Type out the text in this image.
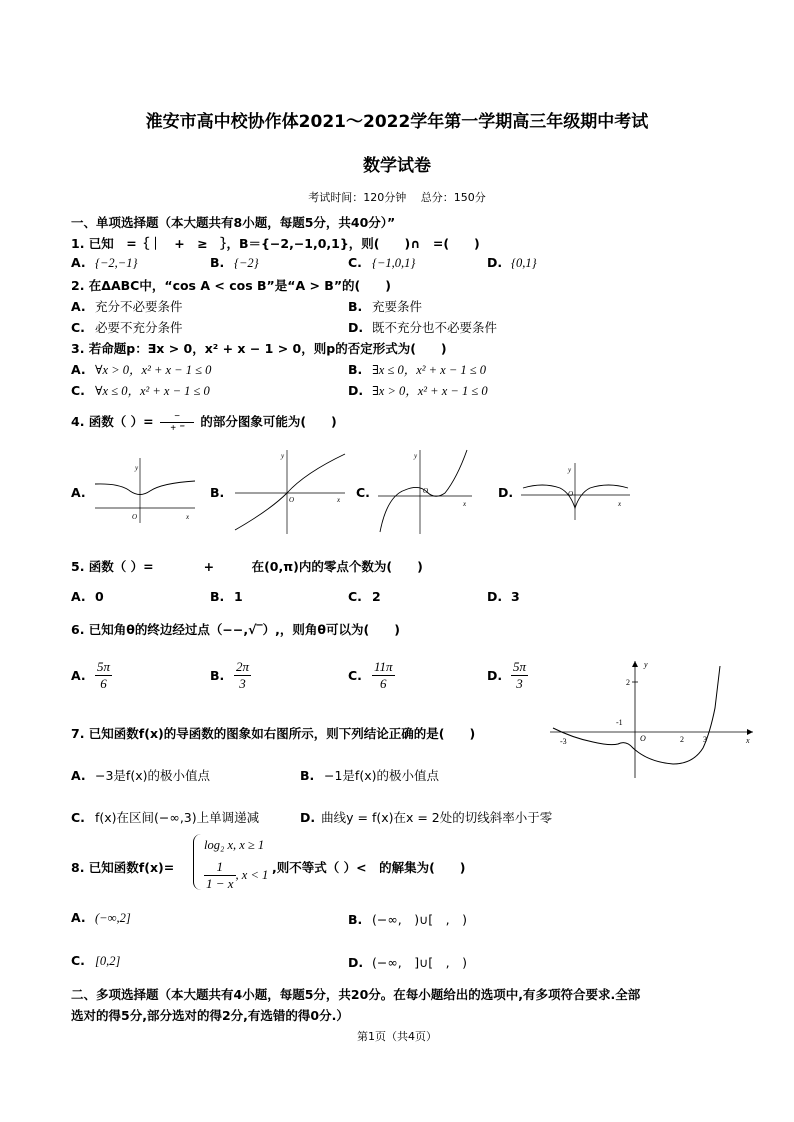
淮安市高中校协作体2021～2022学年第一学期高三年级期中考试
数学试卷
考试时间：120分钟　 总分：150分
一、单项选择题（本大题共有8小题，每题5分，共40分）”
1. 已知　=｛｜　+　≥　｝，B＝{−2,−1,0,1}，则(　　)∩　=(　　)
A. {−2,−1}	B. {−2}	C. {−1,0,1}	D. {0,1}
2. 在ΔABC中，“cos A < cos B”是“A > B”的(　　)
A. 充分不必要条件	B. 充要条件
C. 必要不充分条件	D. 既不充分也不必要条件
3. 若命题p：∃x > 0，x² + x − 1 > 0，则p的否定形式为(　　)
A. ∀x > 0，x² + x − 1 ≤ 0	B. ∃x ≤ 0，x² + x − 1 ≤ 0
C. ∀x ≤ 0，x² + x − 1 ≤ 0	D. ∃x > 0，x² + x − 1 ≤ 0
4. 函数（ ）= $\frac{-}{+ ^-}$ 的部分图象可能为(　　)
A.
y
O	x
B.
y
O	x C.
y
O
x
D.
y
O
x
5. 函数（ ）=　　　　+　　　在(0,π)内的零点个数为(　　)
A. 0	B. 1	C. 2	D. 3
6. 已知角θ的终边经过点（−−,√‾）,，则角θ可以为(　　)
A. $\frac{5\pi}{6}$	B. $\frac{2\pi}{3}$	C. $\frac{11\pi}{6}$	D. $\frac{5\pi}{3}$	y
2
-3
-1
O	2 3	x
7. 已知函数f(x)的导函数的图象如右图所示，则下列结论正确的是(　　)
A. −3是f(x)的极小值点	B. −1是f(x)的极小值点
C. f(x)在区间(−∞,3)上单调递减	D. 曲线y = f(x)在x = 2处的切线斜率小于零
8. 已知函数f(x)=
log₂ x, x ≥ 1
$\frac{1}{1 - x}$ , x < 1 ,则不等式（ ）<　的解集为(　　)
A. (−∞,2]	B. (−∞,　)∪[　,　)
C. [0,2]	D. (−∞,　]∪[　,　)
二、多项选择题（本大题共有4小题，每题5分，共20分。在每小题给出的选项中,有多项符合要求.全部
选对的得5分,部分选对的得2分,有选错的得0分.）
第1页（共4页）
